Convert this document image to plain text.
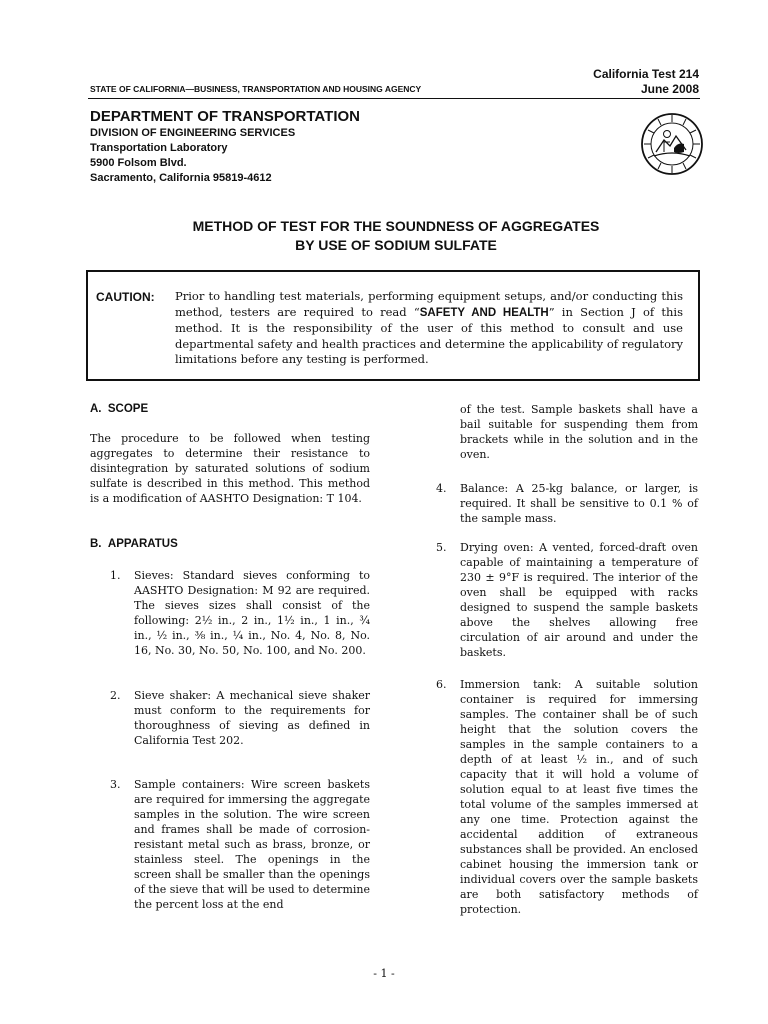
California Test 214
June 2008
STATE OF CALIFORNIA—BUSINESS, TRANSPORTATION AND HOUSING AGENCY
DEPARTMENT OF TRANSPORTATION
DIVISION OF ENGINEERING SERVICES
Transportation Laboratory
5900 Folsom Blvd.
Sacramento, California 95819-4612
METHOD OF TEST FOR THE SOUNDNESS OF AGGREGATES
BY USE OF SODIUM SULFATE
CAUTION: Prior to handling test materials, performing equipment setups, and/or conducting this method, testers are required to read “SAFETY AND HEALTH” in Section J of this method. It is the responsibility of the user of this method to consult and use departmental safety and health practices and determine the applicability of regulatory limitations before any testing is performed.
A.  SCOPE
The procedure to be followed when testing aggregates to determine their resistance to disintegration by saturated solutions of sodium sulfate is described in this method. This method is a modification of AASHTO Designation: T 104.
B.  APPARATUS
1. Sieves: Standard sieves conforming to AASHTO Designation: M 92 are required. The sieves sizes shall consist of the following: 2½ in., 2 in., 1½ in., 1 in., ¾ in., ½ in., ⅜ in., ¼ in., No. 4, No. 8, No. 16, No. 30, No. 50, No. 100, and No. 200.
2. Sieve shaker: A mechanical sieve shaker must conform to the requirements for thoroughness of sieving as defined in California Test 202.
3. Sample containers: Wire screen baskets are required for immersing the aggregate samples in the solution. The wire screen and frames shall be made of corrosion-resistant metal such as brass, bronze, or stainless steel. The openings in the screen shall be smaller than the openings of the sieve that will be used to determine the percent loss at the end
of the test. Sample baskets shall have a bail suitable for suspending them from brackets while in the solution and in the oven.
4. Balance: A 25-kg balance, or larger, is required. It shall be sensitive to 0.1 % of the sample mass.
5. Drying oven: A vented, forced-draft oven capable of maintaining a temperature of 230 ± 9°F is required. The interior of the oven shall be equipped with racks designed to suspend the sample baskets above the shelves allowing free circulation of air around and under the baskets.
6. Immersion tank: A suitable solution container is required for immersing samples. The container shall be of such height that the solution covers the samples in the sample containers to a depth of at least ½ in., and of such capacity that it will hold a volume of solution equal to at least five times the total volume of the samples immersed at any one time. Protection against the accidental addition of extraneous substances shall be provided. An enclosed cabinet housing the immersion tank or individual covers over the sample baskets are both satisfactory methods of protection.
- 1 -
